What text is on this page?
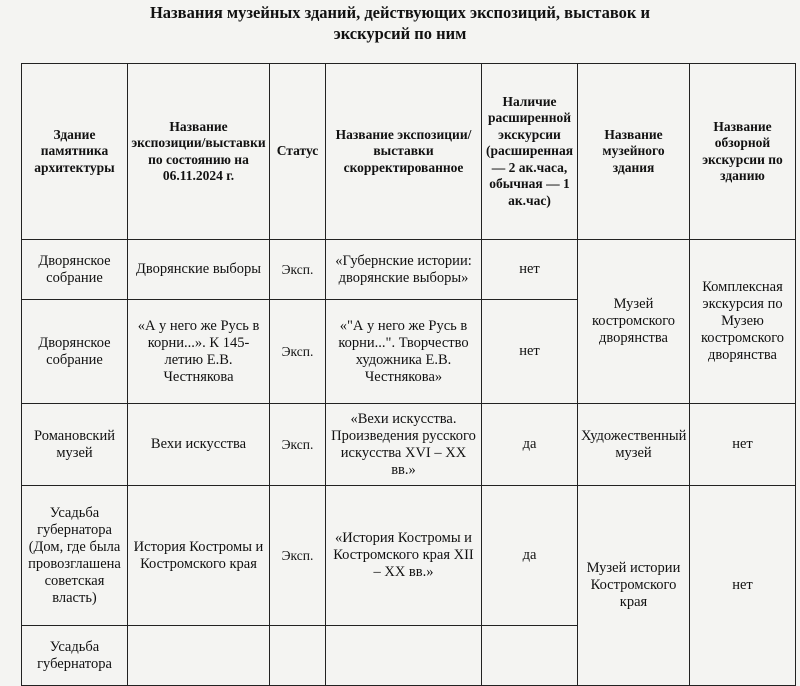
Названия музейных зданий, действующих экспозиций, выставок и
экскурсий по ним
Здание памятника архитектуры	Название экспозиции/выставки по состоянию на 06.11.2024 г.	Статус	Название экспозиции/выставки скорректированное	Наличие расширенной экскурсии (расширенная — 2 ак.часа, обычная — 1 ак.час)	Название музейного здания	Название обзорной экскурсии по зданию
Дворянское собрание	Дворянские выборы	Эксп.	«Губернские истории: дворянские выборы»	нет	Музей костромского дворянства	Комплексная экскурсия по Музею костромского дворянства
Дворянское собрание	«А у него же Русь в корни...». К 145-летию Е.В. Честнякова	Эксп.	«"А у него же Русь в корни...". Творчество художника Е.В. Честнякова»	нет		
Романовский музей	Вехи искусства	Эксп.	«Вехи искусства. Произведения русского искусства XVI – XX вв.»	да	Художественный музей	нет
Усадьба губернатора (Дом, где была провозглашена советская власть)	История Костромы и Костромского края	Эксп.	«История Костромы и Костромского края XII – XX вв.»	да	Музей истории Костромского края	нет
Усадьба губернатора						
